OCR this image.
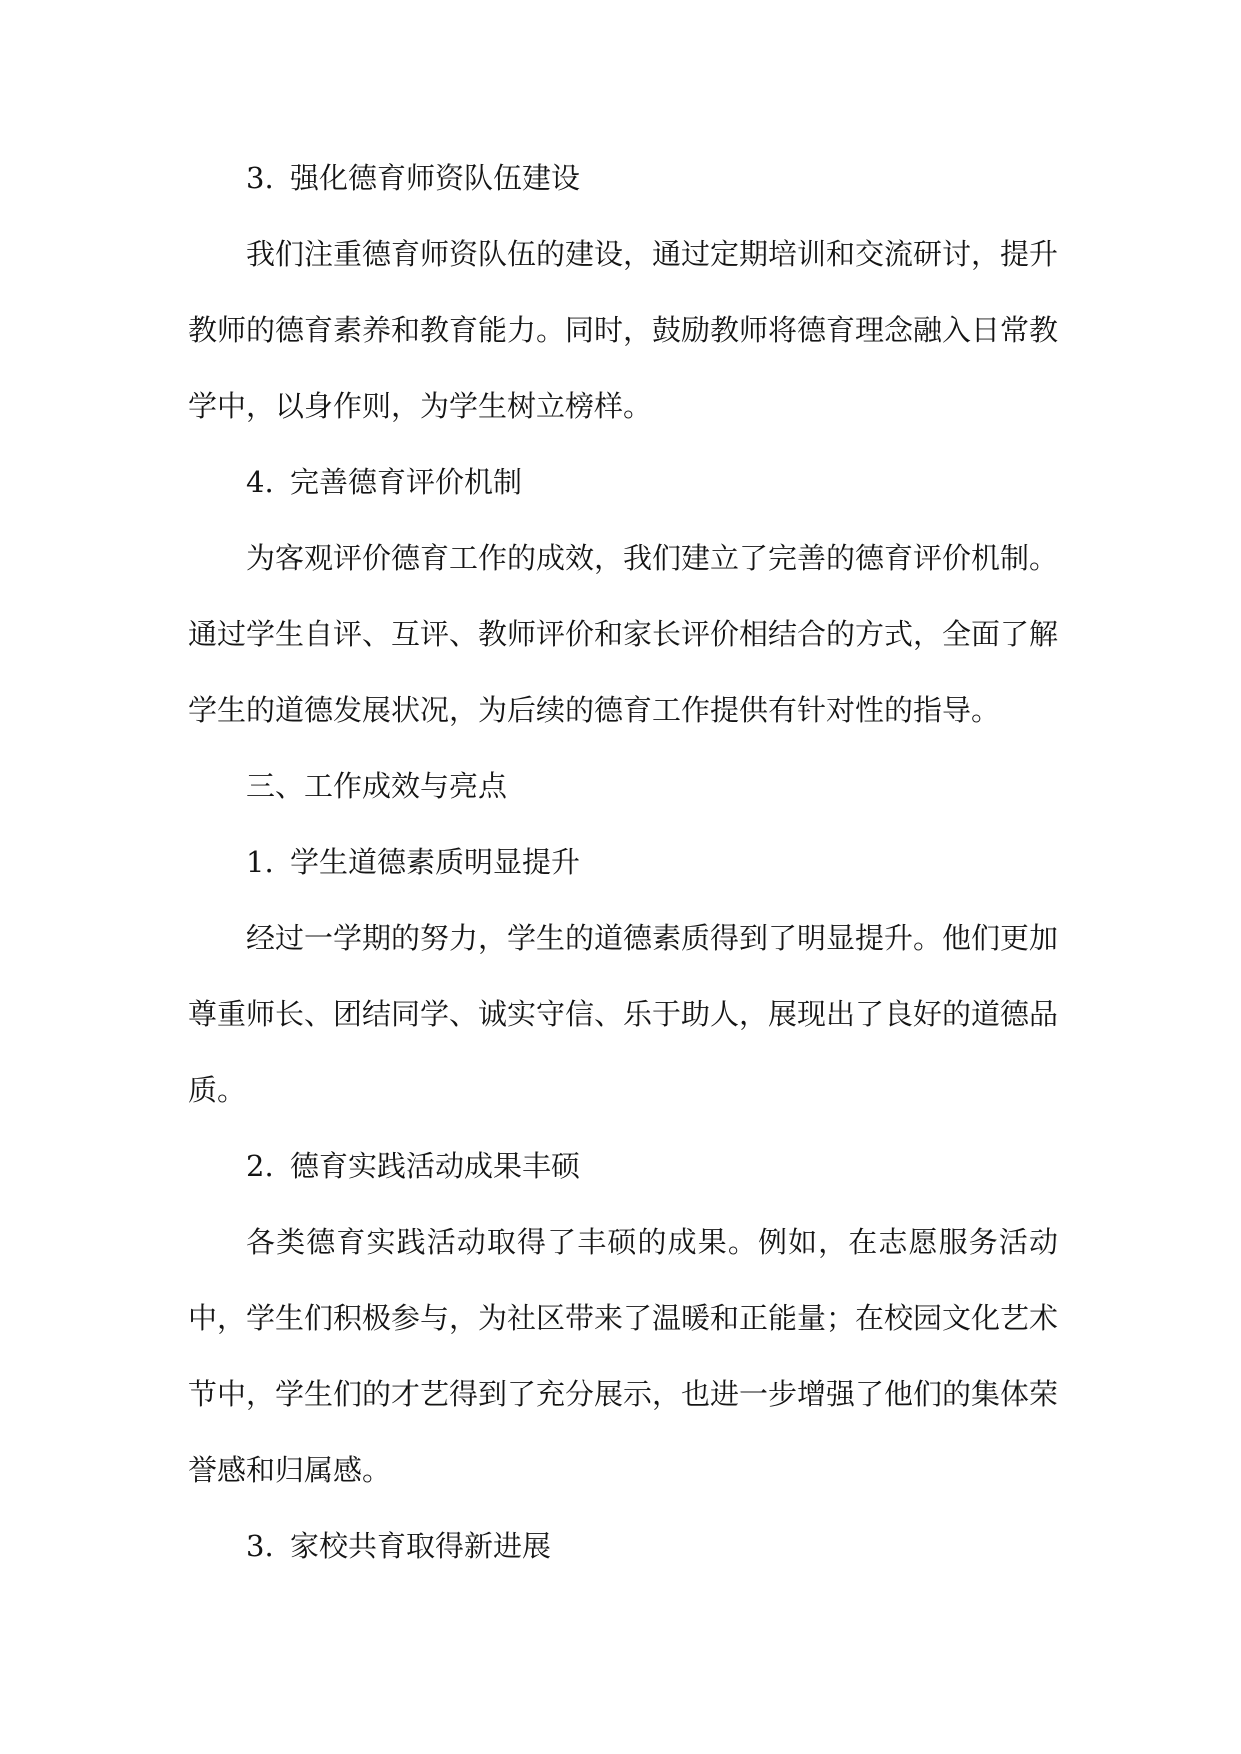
3. 强化德育师资队伍建设

我们注重德育师资队伍的建设，通过定期培训和交流研讨，提升教师的德育素养和教育能力。同时，鼓励教师将德育理念融入日常教学中，以身作则，为学生树立榜样。

4. 完善德育评价机制

为客观评价德育工作的成效，我们建立了完善的德育评价机制。通过学生自评、互评、教师评价和家长评价相结合的方式，全面了解学生的道德发展状况，为后续的德育工作提供有针对性的指导。

三、工作成效与亮点

1. 学生道德素质明显提升

经过一学期的努力，学生的道德素质得到了明显提升。他们更加尊重师长、团结同学、诚实守信、乐于助人，展现出了良好的道德品质。

2. 德育实践活动成果丰硕

各类德育实践活动取得了丰硕的成果。例如，在志愿服务活动中，学生们积极参与，为社区带来了温暖和正能量；在校园文化艺术节中，学生们的才艺得到了充分展示，也进一步增强了他们的集体荣誉感和归属感。

3. 家校共育取得新进展
